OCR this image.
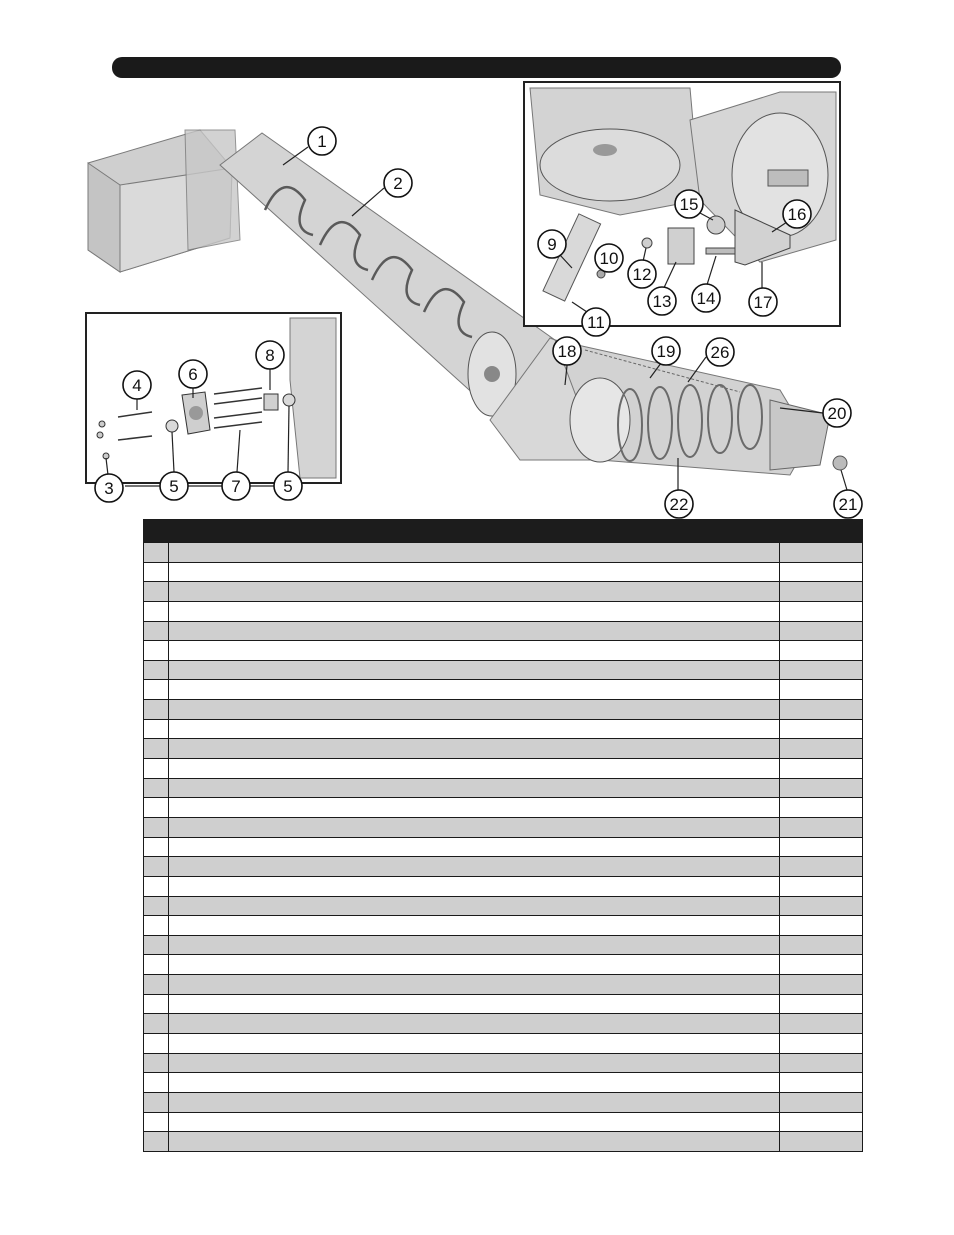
1
2
3
4
5
6
7	5
8
9
10
11
12
13 14
15
16
17
18	19 26
20
21
22
